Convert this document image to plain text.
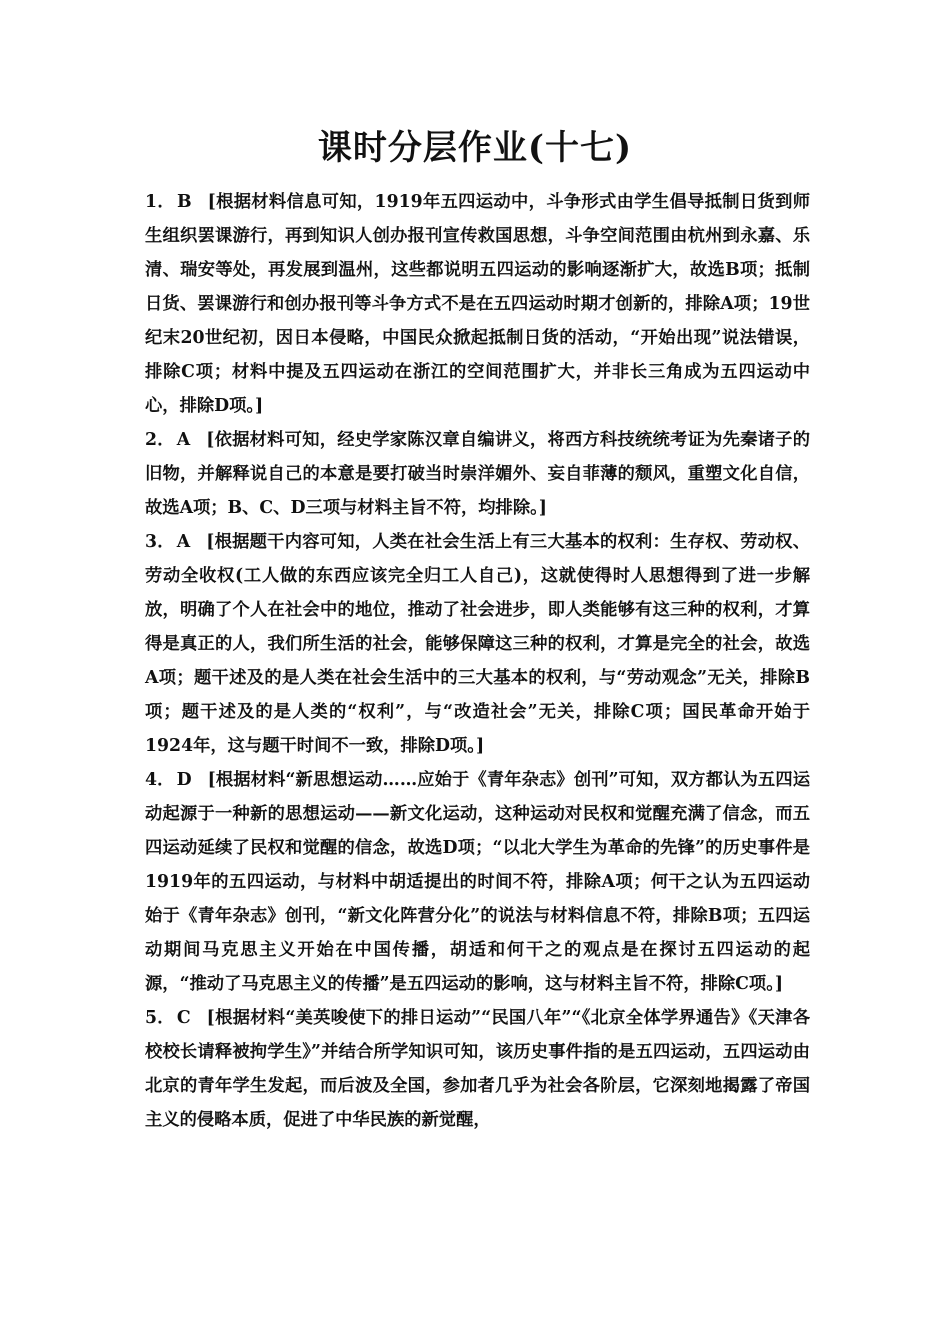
课时分层作业(十七)

1． B [根据材料信息可知，1919年五四运动中，斗争形式由学生倡导抵制日货到师生组织罢课游行，再到知识人创办报刊宣传救国思想，斗争空间范围由杭州到永嘉、乐清、瑞安等处，再发展到温州，这些都说明五四运动的影响逐渐扩大，故选B项；抵制日货、罢课游行和创办报刊等斗争方式不是在五四运动时期才创新的，排除A项；19世纪末20世纪初，因日本侵略，中国民众掀起抵制日货的活动，“开始出现”说法错误，排除C项；材料中提及五四运动在浙江的空间范围扩大，并非长三角成为五四运动中心，排除D项。]

2． A [依据材料可知，经史学家陈汉章自编讲义，将西方科技统统考证为先秦诸子的旧物，并解释说自己的本意是要打破当时崇洋媚外、妄自菲薄的颓风，重塑文化自信，故选A项；B、C、D三项与材料主旨不符，均排除。]

3． A [根据题干内容可知，人类在社会生活上有三大基本的权利：生存权、劳动权、劳动全收权(工人做的东西应该完全归工人自己)，这就使得时人思想得到了进一步解放，明确了个人在社会中的地位，推动了社会进步，即人类能够有这三种的权利，才算得是真正的人，我们所生活的社会，能够保障这三种的权利，才算是完全的社会，故选A项；题干述及的是人类在社会生活中的三大基本的权利，与“劳动观念”无关，排除B项；题干述及的是人类的“权利”，与“改造社会”无关，排除C项；国民革命开始于1924年，这与题干时间不一致，排除D项。]

4． D [根据材料“新思想运动……应始于《青年杂志》创刊”可知，双方都认为五四运动起源于一种新的思想运动——新文化运动，这种运动对民权和觉醒充满了信念，而五四运动延续了民权和觉醒的信念，故选D项；“以北大学生为革命的先锋”的历史事件是1919年的五四运动，与材料中胡适提出的时间不符，排除A项；何干之认为五四运动始于《青年杂志》创刊，“新文化阵营分化”的说法与材料信息不符，排除B项；五四运动期间马克思主义开始在中国传播，胡适和何干之的观点是在探讨五四运动的起源，“推动了马克思主义的传播”是五四运动的影响，这与材料主旨不符，排除C项。]

5． C [根据材料“美英唆使下的排日运动”“民国八年”“《北京全体学界通告》《天津各校校长请释被拘学生》”并结合所学知识可知，该历史事件指的是五四运动，五四运动由北京的青年学生发起，而后波及全国，参加者几乎为社会各阶层，它深刻地揭露了帝国主义的侵略本质，促进了中华民族的新觉醒，
